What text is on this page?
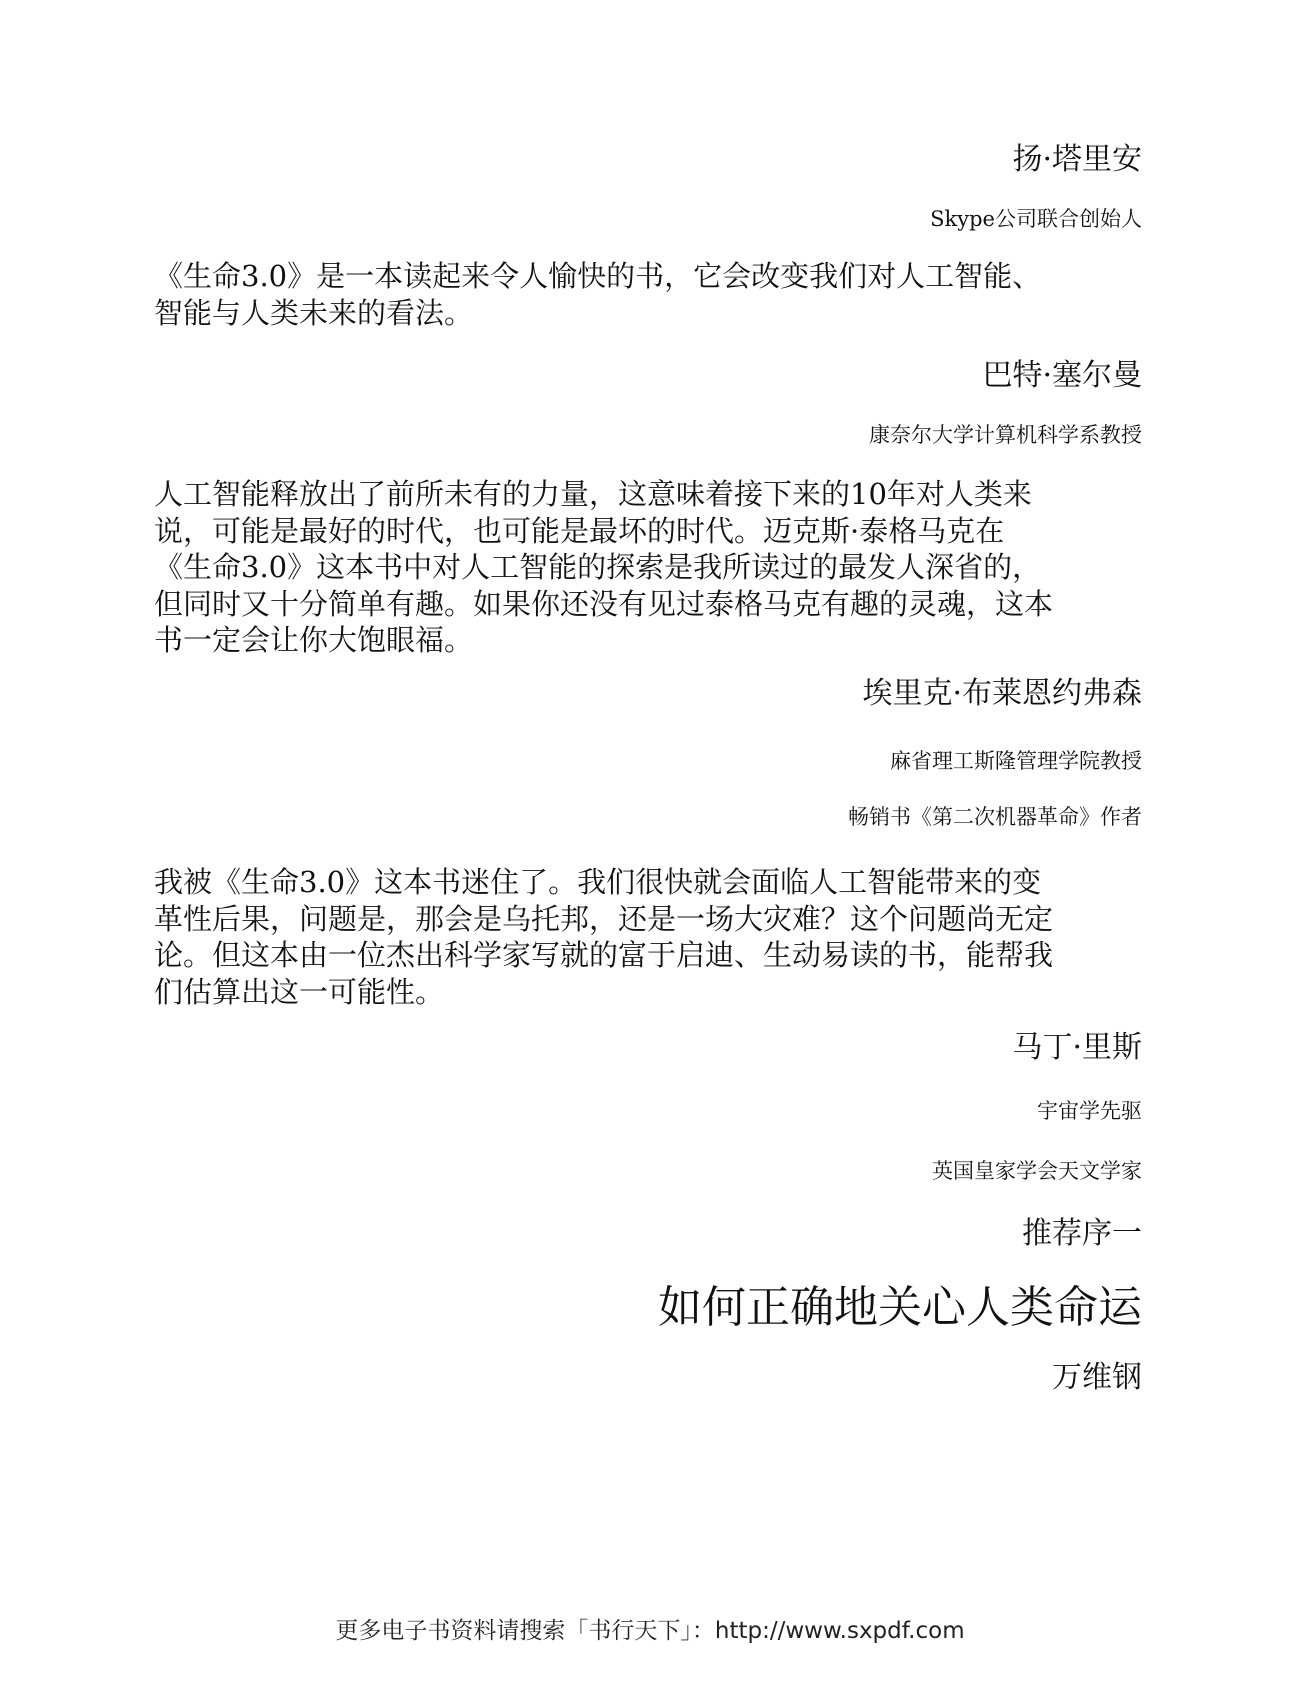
扬·塔里安
Skype公司联合创始人
《生命3.0》是一本读起来令人愉快的书，它会改变我们对人工智能、
智能与人类未来的看法。
巴特·塞尔曼
康奈尔大学计算机科学系教授
人工智能释放出了前所未有的力量，这意味着接下来的10年对人类来
说，可能是最好的时代，也可能是最坏的时代。迈克斯·泰格马克在
《生命3.0》这本书中对人工智能的探索是我所读过的最发人深省的，
但同时又十分简单有趣。如果你还没有见过泰格马克有趣的灵魂，这本
书一定会让你大饱眼福。
埃里克·布莱恩约弗森
麻省理工斯隆管理学院教授
畅销书《第二次机器革命》作者
我被《生命3.0》这本书迷住了。我们很快就会面临人工智能带来的变
革性后果，问题是，那会是乌托邦，还是一场大灾难？这个问题尚无定
论。但这本由一位杰出科学家写就的富于启迪、生动易读的书，能帮我
们估算出这一可能性。
马丁·里斯
宇宙学先驱
英国皇家学会天文学家
推荐序一
如何正确地关心人类命运
万维钢
更多电子书资料请搜索「书行天下」：http://www.sxpdf.com
